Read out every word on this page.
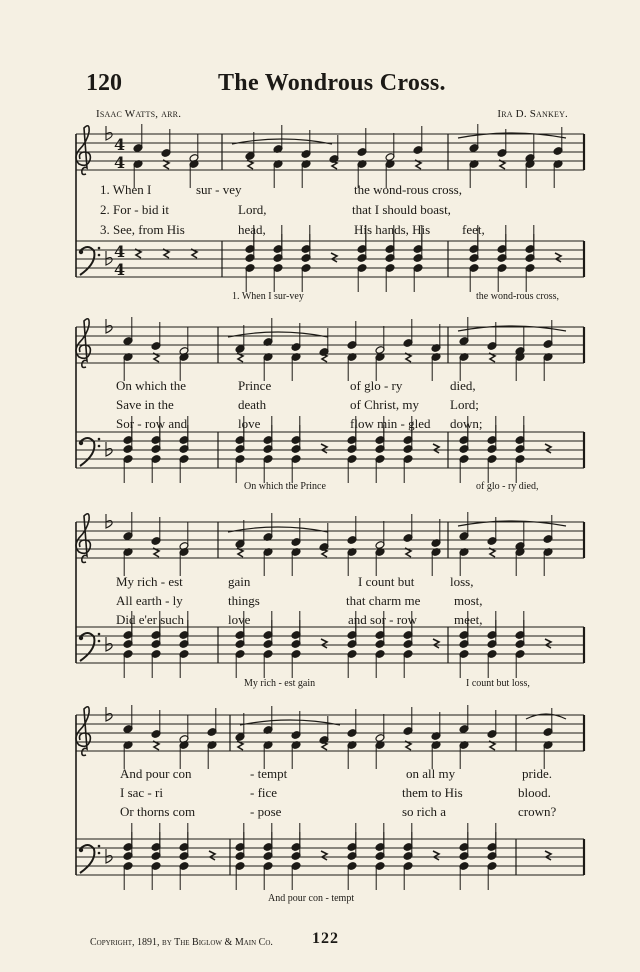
120	The Wondrous Cross.
Isaac Watts, arr.	Ira D. Sankey.
4
4
4
4
1. When I	sur - vey	the wond-rous cross,
2. For - bid it	Lord,	that I should boast,
3. See, from His	head,	His hands, His feet,
1. When I sur-vey	the wond-rous cross,
On which the	Prince	of glo - ry	died,
Save in the	death	of Christ, my Lord;
Sor - row and	love	flow min - gled down;
On which the Prince	of glo - ry died,
My rich - est	gain	I count but	loss,
All earth - ly	things	that charm me	most,
Did e'er such	love	and sor - row	meet,
My rich - est gain	I count but loss,
And pour con	- tempt	on all my	pride.
I sac - ri	- fice	them to His	blood.
Or thorns com	- pose	so rich a	crown?
And pour con - tempt
Copyright, 1891, by The Biglow & Main Co. 122
